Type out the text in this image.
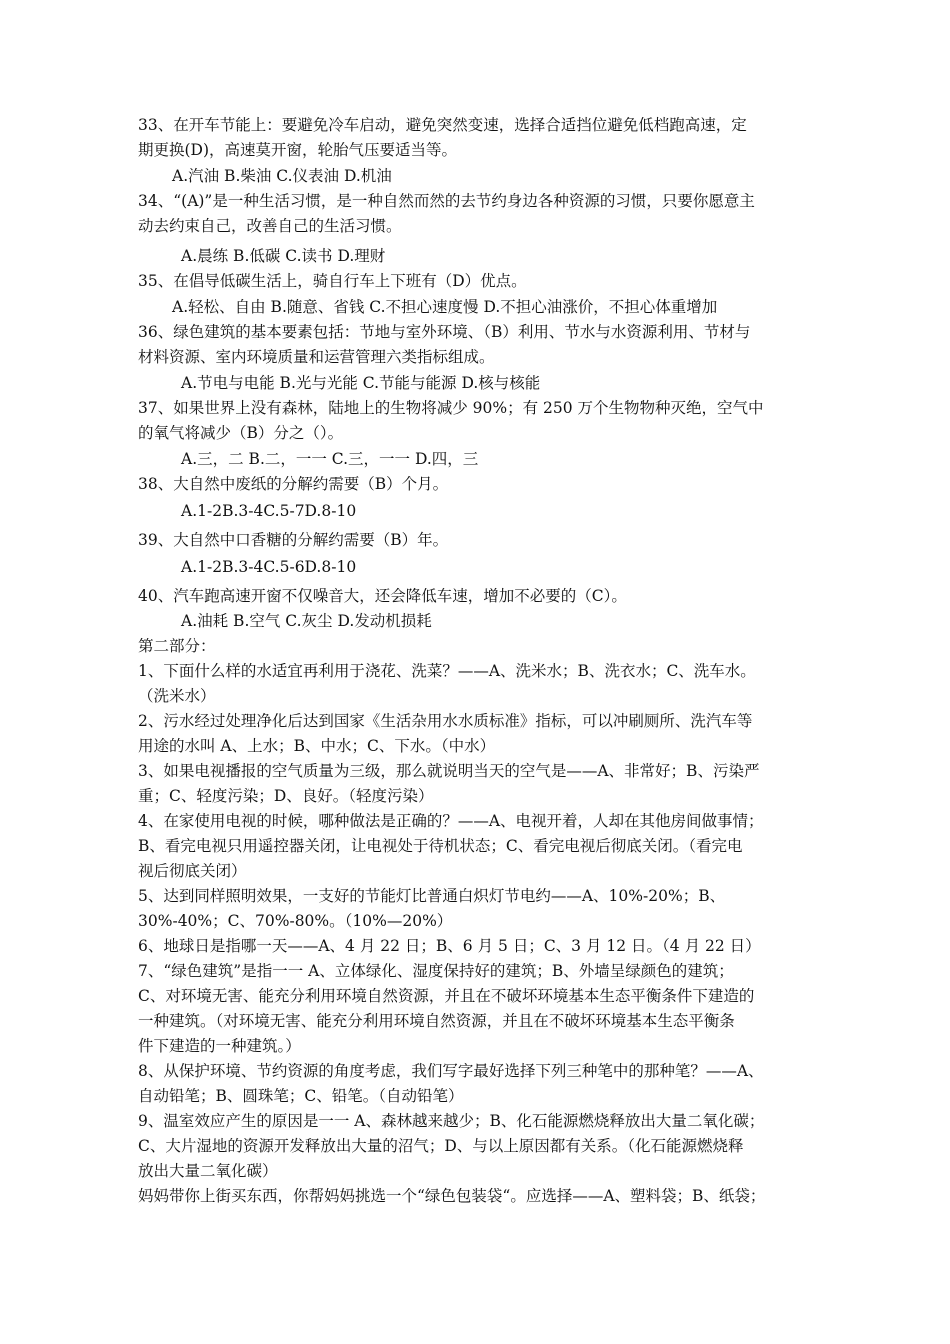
33、在开车节能上：要避免冷车启动，避免突然变速，选择合适挡位避免低档跑高速，定
期更换(D)，高速莫开窗，轮胎气压要适当等。
A.汽油 B.柴油 C.仪表油 D.机油
34、“(A)”是一种生活习惯，是一种自然而然的去节约身边各种资源的习惯，只要你愿意主
动去约束自己，改善自己的生活习惯。
A.晨练 B.低碳 C.读书 D.理财
35、在倡导低碳生活上，骑自行车上下班有（D）优点。
A.轻松、自由 B.随意、省钱 C.不担心速度慢 D.不担心油涨价，不担心体重增加
36、绿色建筑的基本要素包括：节地与室外环境、（B）利用、节水与水资源利用、节材与
材料资源、室内环境质量和运营管理六类指标组成。
A.节电与电能 B.光与光能 C.节能与能源 D.核与核能
37、如果世界上没有森林，陆地上的生物将减少 90%；有 250 万个生物物种灭绝，空气中
的氧气将减少（B）分之（）。
A.三，二 B.二，一一 C.三，一一 D.四，三
38、大自然中废纸的分解约需要（B）个月。
A.1-2B.3-4C.5-7D.8-10
39、大自然中口香糖的分解约需要（B）年。
A.1-2B.3-4C.5-6D.8-10
40、汽车跑高速开窗不仅噪音大，还会降低车速，增加不必要的（C）。
A.油耗 B.空气 C.灰尘 D.发动机损耗
第二部分：
1、下面什么样的水适宜再利用于浇花、洗菜？——A、洗米水；B、洗衣水；C、洗车水。
（洗米水）
2、污水经过处理净化后达到国家《生活杂用水水质标准》指标，可以冲刷厕所、洗汽车等
用途的水叫 A、上水；B、中水；C、下水。（中水）
3、如果电视播报的空气质量为三级，那么就说明当天的空气是——A、非常好；B、污染严
重；C、轻度污染；D、良好。（轻度污染）
4、在家使用电视的时候，哪种做法是正确的？——A、电视开着，人却在其他房间做事情；
B、看完电视只用遥控器关闭，让电视处于待机状态；C、看完电视后彻底关闭。（看完电
视后彻底关闭）
5、达到同样照明效果，一支好的节能灯比普通白炽灯节电约——A、10%-20%；B、
30%-40%；C、70%-80%。（10%—20%）
6、地球日是指哪一天——A、4 月 22 日；B、6 月 5 日；C、3 月 12 日。（4 月 22 日）
7、“绿色建筑”是指一一 A、立体绿化、湿度保持好的建筑；B、外墙呈绿颜色的建筑；
C、对环境无害、能充分利用环境自然资源，并且在不破坏环境基本生态平衡条件下建造的
一种建筑。（对环境无害、能充分利用环境自然资源，并且在不破坏环境基本生态平衡条
件下建造的一种建筑。）
8、从保护环境、节约资源的角度考虑，我们写字最好选择下列三种笔中的那种笔？——A、
自动铅笔；B、圆珠笔；C、铅笔。（自动铅笔）
9、温室效应产生的原因是一一 A、森林越来越少；B、化石能源燃烧释放出大量二氧化碳；
C、大片湿地的资源开发释放出大量的沼气；D、与以上原因都有关系。（化石能源燃烧释
放出大量二氧化碳）
妈妈带你上街买东西，你帮妈妈挑选一个“绿色包装袋“。应选择——A、塑料袋；B、纸袋；
